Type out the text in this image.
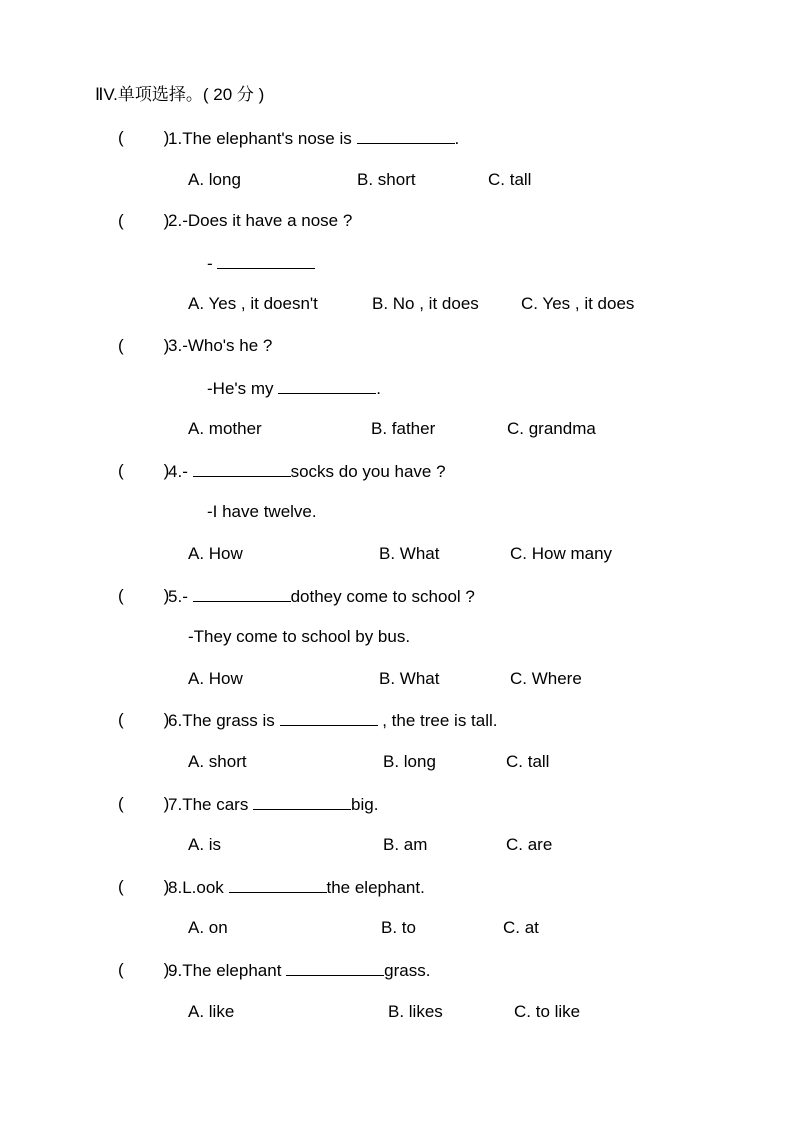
ⅡV.单项选择。( 20 分 )
( )
1.The elephant's nose is	.
A. long	B. short	C. tall
( )
2.-Does it have a nose ?
-
A. Yes , it doesn't	B. No , it does C. Yes , it does
( )
3.-Who's he ?
-He's my	.
A. mother	B. father	C. grandma
( )
4.-	socks do you have ?
-I have twelve.
A. How	B. What	C. How many
( )
5.-	dothey come to school ?
-They come to school by bus.
A. How	B. What	C. Where
( )
6.The grass is	, the tree is tall.
A. short	B. long	C. tall
( )
7.The cars	big.
A. is	B. am	C. are
( )
8.L.ook	the elephant.
A. on	B. to	C. at
( )
9.The elephant	grass.
A. like	B. likes	C. to like
